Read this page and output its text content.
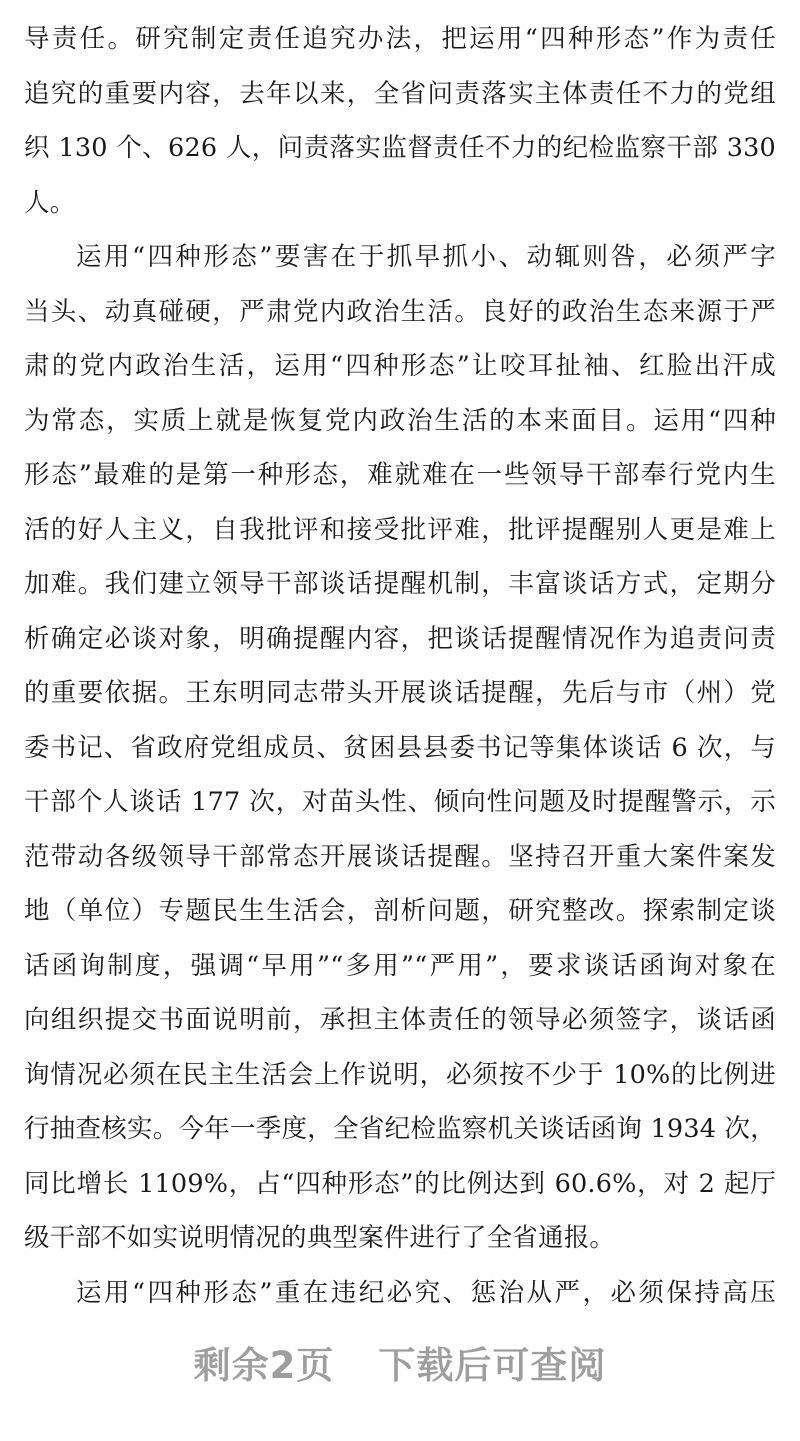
导责任。研究制定责任追究办法，把运用“四种形态”作为责任
追究的重要内容，去年以来，全省问责落实主体责任不力的党组
织 130 个、626 人，问责落实监督责任不力的纪检监察干部 330
人。
运用“四种形态”要害在于抓早抓小、动辄则咎，必须严字
当头、动真碰硬，严肃党内政治生活。良好的政治生态来源于严
肃的党内政治生活，运用“四种形态”让咬耳扯袖、红脸出汗成
为常态，实质上就是恢复党内政治生活的本来面目。运用“四种
形态”最难的是第一种形态，难就难在一些领导干部奉行党内生
活的好人主义，自我批评和接受批评难，批评提醒别人更是难上
加难。我们建立领导干部谈话提醒机制，丰富谈话方式，定期分
析确定必谈对象，明确提醒内容，把谈话提醒情况作为追责问责
的重要依据。王东明同志带头开展谈话提醒，先后与市（州）党
委书记、省政府党组成员、贫困县县委书记等集体谈话 6 次，与
干部个人谈话 177 次，对苗头性、倾向性问题及时提醒警示，示
范带动各级领导干部常态开展谈话提醒。坚持召开重大案件案发
地（单位）专题民生生活会，剖析问题，研究整改。探索制定谈
话函询制度，强调“早用”“多用”“严用”，要求谈话函询对象在
向组织提交书面说明前，承担主体责任的领导必须签字，谈话函
询情况必须在民主生活会上作说明，必须按不少于 10%的比例进
行抽查核实。今年一季度，全省纪检监察机关谈话函询 1934 次，
同比增长 1109%，占“四种形态”的比例达到 60.6%，对 2 起厅
级干部不如实说明情况的典型案件进行了全省通报。
运用“四种形态”重在违纪必究、惩治从严，必须保持高压
剩余2页 下载后可查阅
